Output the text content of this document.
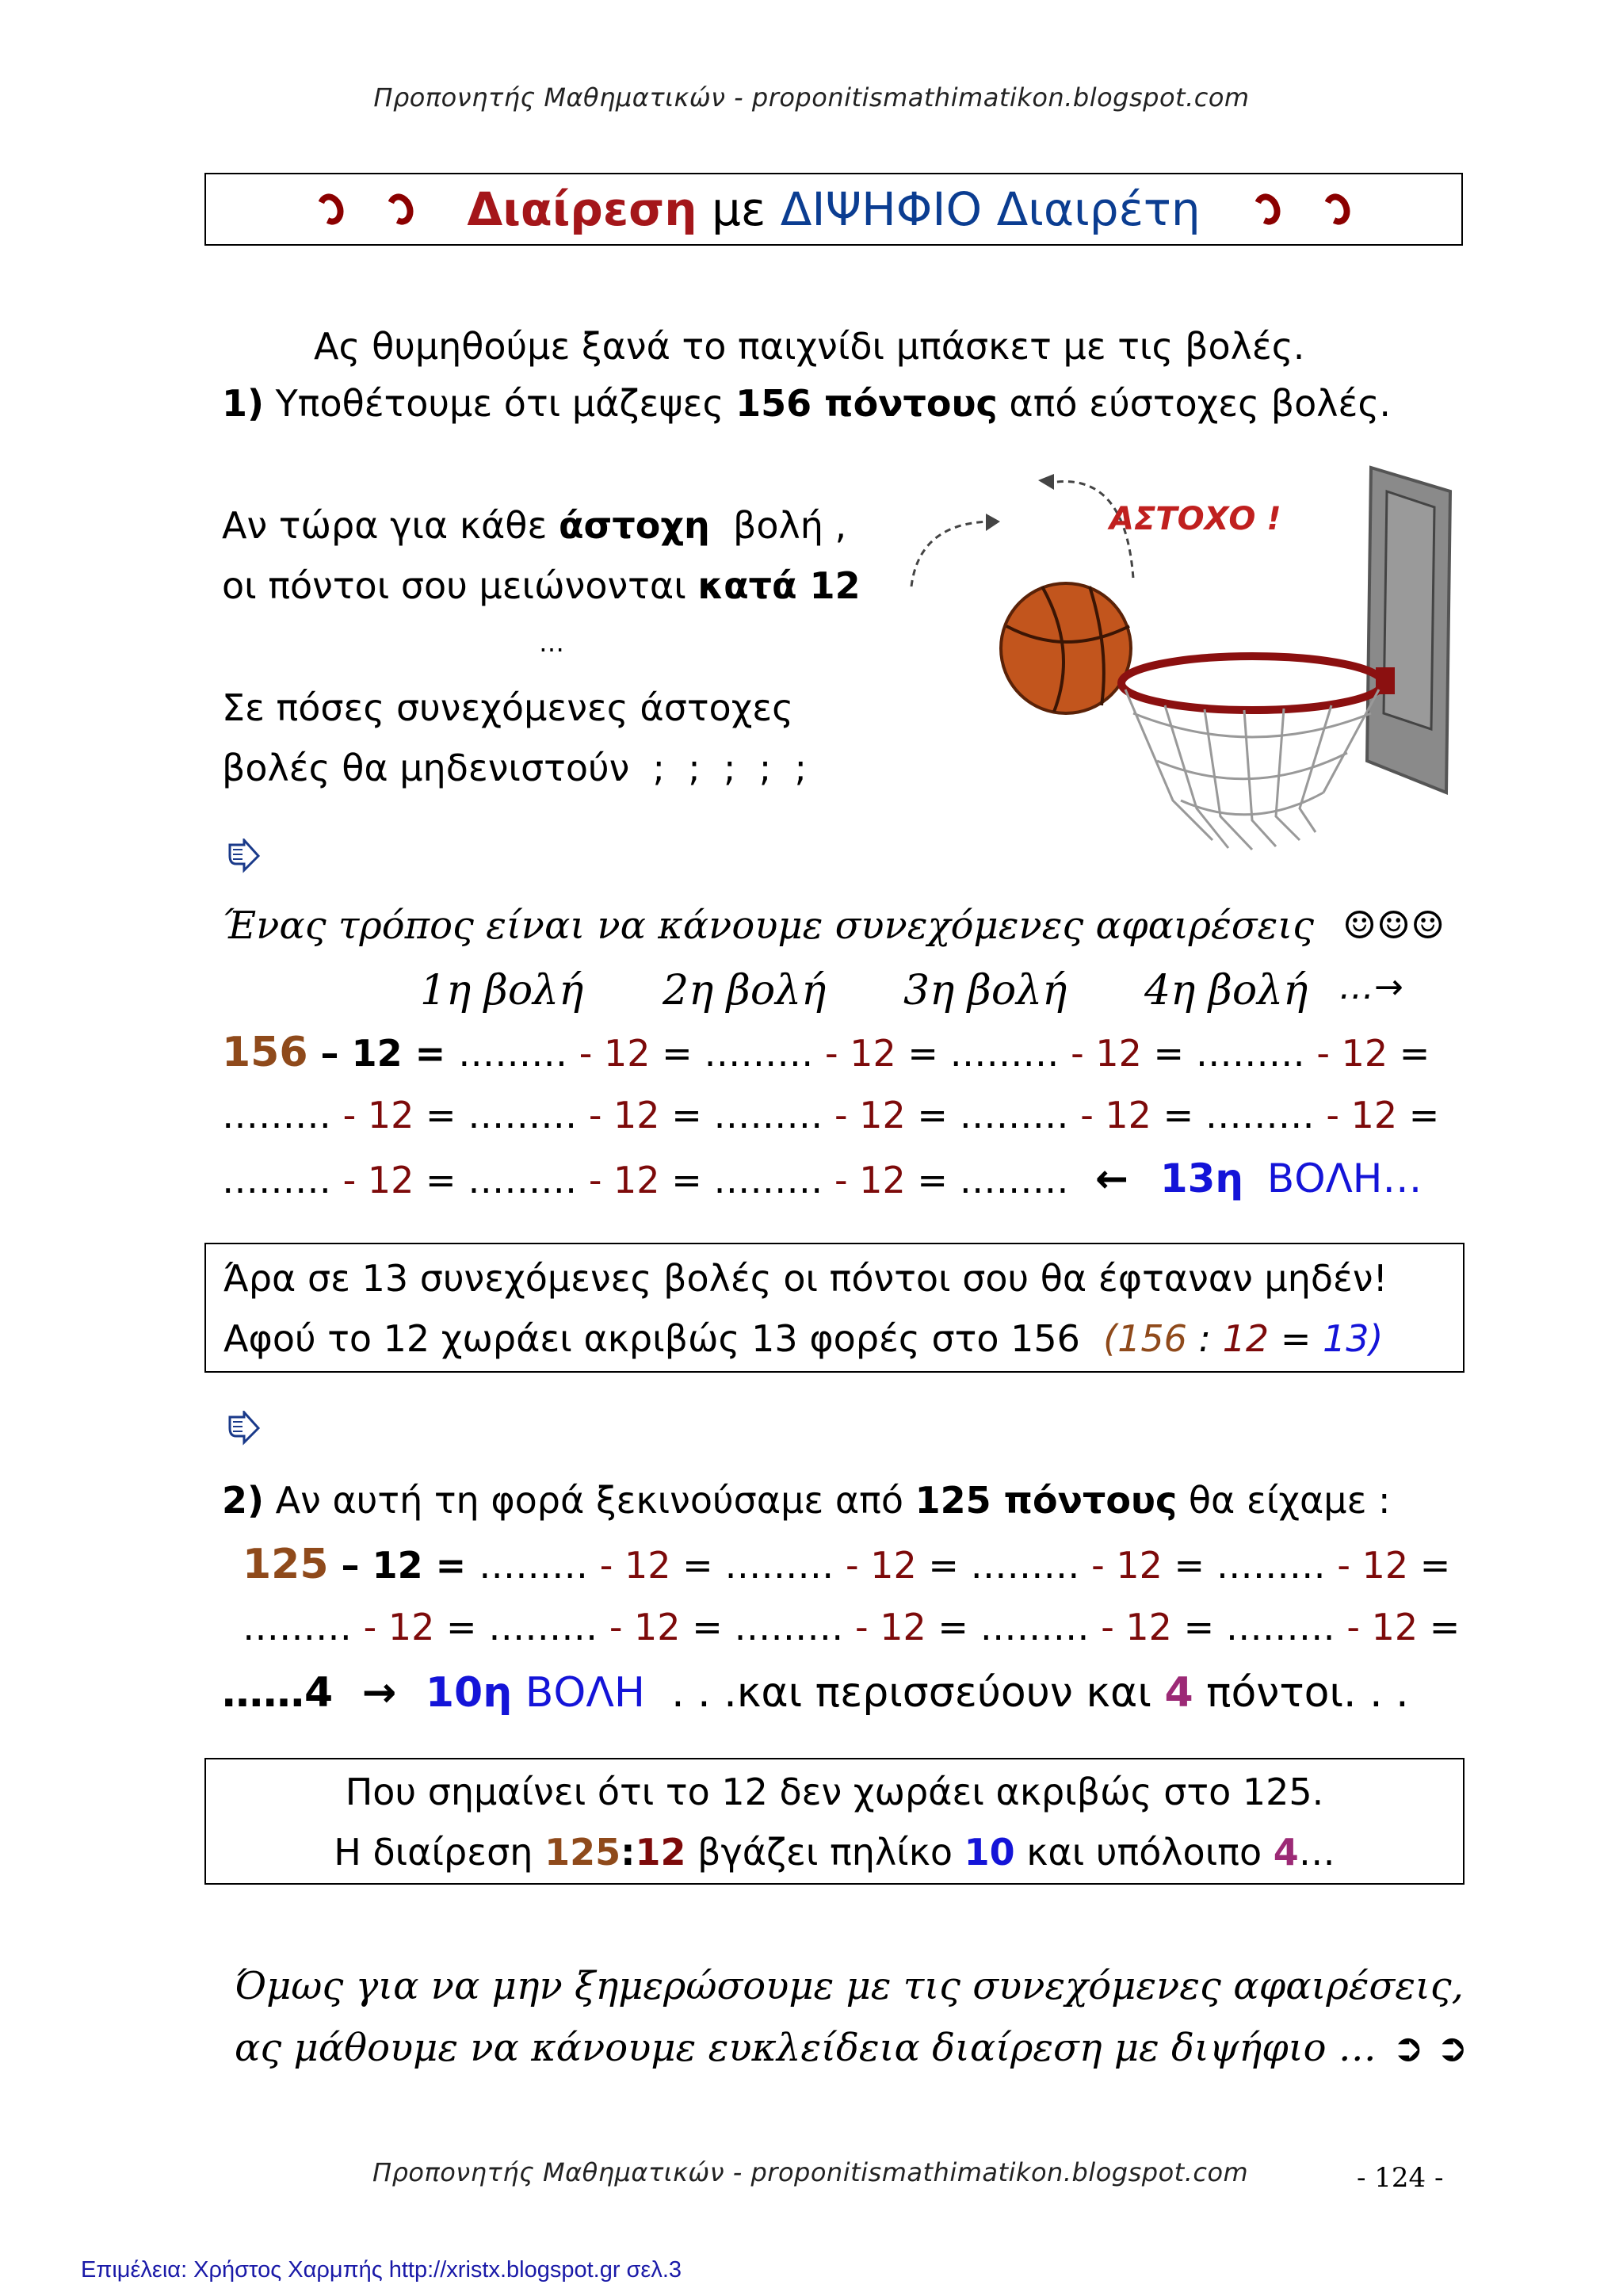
Προπονητής Μαθηματικών - proponitismathimatikon.blogspot.com
Διαίρεση με ΔΙΨΗΦΙΟ Διαιρέτη
Ας θυμηθούμε ξανά το παιχνίδι μπάσκετ με τις βολές.
1) Υποθέτουμε ότι μάζεψες 156 πόντους από εύστοχες βολές.
Αν τώρα για κάθε άστοχη  βολή ,
οι πόντοι σου μειώνονται κατά 12
…
Σε πόσες συνεχόμενες άστοχες
βολές θα μηδενιστούν  ;  ;  ;  ;  ;
ΑΣΤΟΧΟ !
Ένας τρόπος είναι να κάνουμε συνεχόμενες αφαιρέσεις ☺☺☺
1η βολή 2η βολή 3η βολή 4η βολή …→
156 – 12 = ……… - 12 = ……… - 12 = ……… - 12 = ……… - 12 =
……… - 12 = ……… - 12 = ……… - 12 = ……… - 12 = ……… - 12 =
……… - 12 = ……… - 12 = ……… - 12 = ……… ← 13η ΒΟΛΗ…
Άρα σε 13 συνεχόμενες βολές οι πόντοι σου θα έφταναν μηδέν!
Αφού το 12 χωράει ακριβώς 13 φορές στο 156  (156 : 12 = 13)
2) Αν αυτή τη φορά ξεκινούσαμε από 125 πόντους θα είχαμε :
125 – 12 = ……… - 12 = ……… - 12 = ……… - 12 = ……… - 12 =
……… - 12 = ……… - 12 = ……… - 12 = ……… - 12 = ……… - 12 =
……4 → 10η ΒΟΛΗ  . . .και περισσεύουν και 4 πόντοι. . .
Που σημαίνει ότι το 12 δεν χωράει ακριβώς στο 125.
Η διαίρεση 125:12 βγάζει πηλίκο 10 και υπόλοιπο 4…
Όμως για να μην ξημερώσουμε με τις συνεχόμενες αφαιρέσεις,
ας μάθουμε να κάνουμε ευκλείδεια διαίρεση με διψήφιο … ➲ ➲
Προπονητής Μαθηματικών - proponitismathimatikon.blogspot.com	- 124 -
Επιμέλεια: Χρήστος Χαρμπής http://xristx.blogspot.gr σελ.3
